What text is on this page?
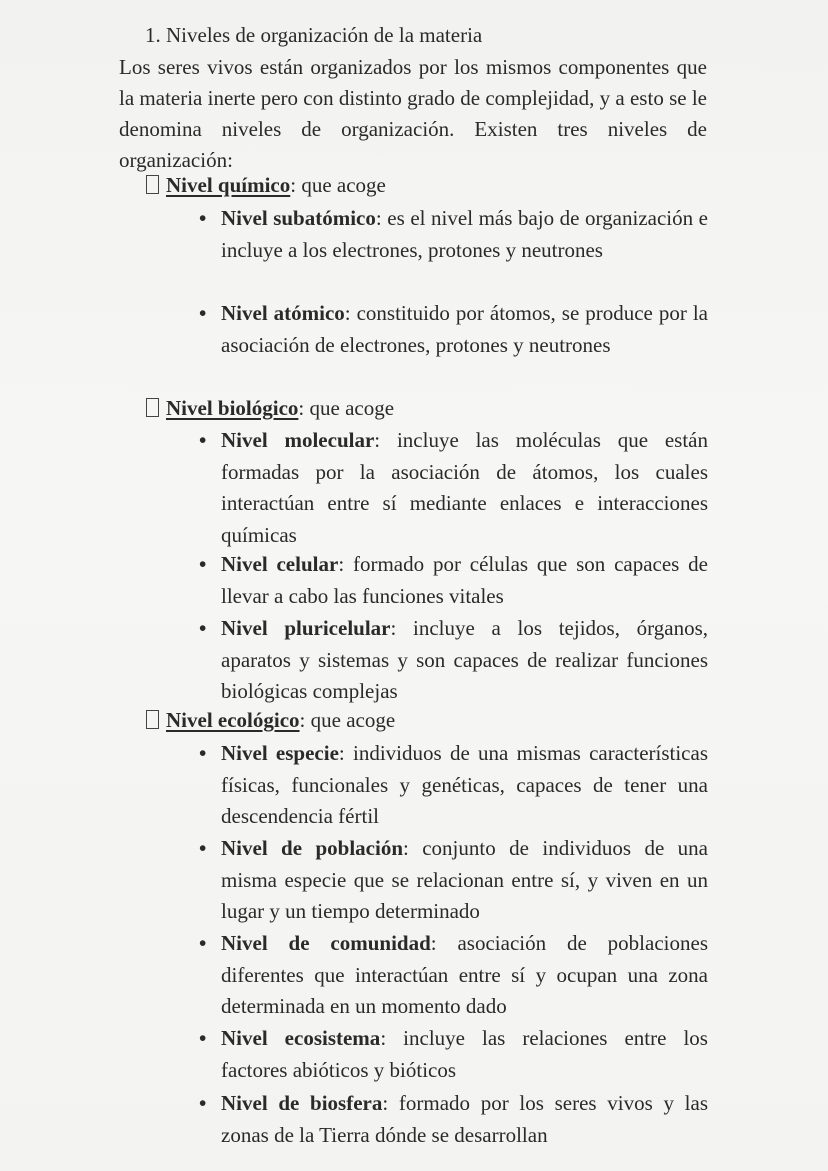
1. Niveles de organización de la materia
Los seres vivos están organizados por los mismos componentes que la materia inerte pero con distinto grado de complejidad, y a esto se le denomina niveles de organización. Existen tres niveles de organización:
Nivel químico: que acoge
• Nivel subatómico: es el nivel más bajo de organización e incluye a los electrones, protones y neutrones
• Nivel atómico: constituido por átomos, se produce por la asociación de electrones, protones y neutrones
Nivel biológico: que acoge
• Nivel molecular: incluye las moléculas que están formadas por la asociación de átomos, los cuales interactúan entre sí mediante enlaces e interacciones químicas
• Nivel celular: formado por células que son capaces de llevar a cabo las funciones vitales
• Nivel pluricelular: incluye a los tejidos, órganos, aparatos y sistemas y son capaces de realizar funciones biológicas complejas
Nivel ecológico: que acoge
• Nivel especie: individuos de una mismas características físicas, funcionales y genéticas, capaces de tener una descendencia fértil
• Nivel de población: conjunto de individuos de una misma especie que se relacionan entre sí, y viven en un lugar y un tiempo determinado
• Nivel de comunidad: asociación de poblaciones diferentes que interactúan entre sí y ocupan una zona determinada en un momento dado
• Nivel ecosistema: incluye las relaciones entre los factores abióticos y bióticos
• Nivel de biosfera: formado por los seres vivos y las zonas de la Tierra dónde se desarrollan
